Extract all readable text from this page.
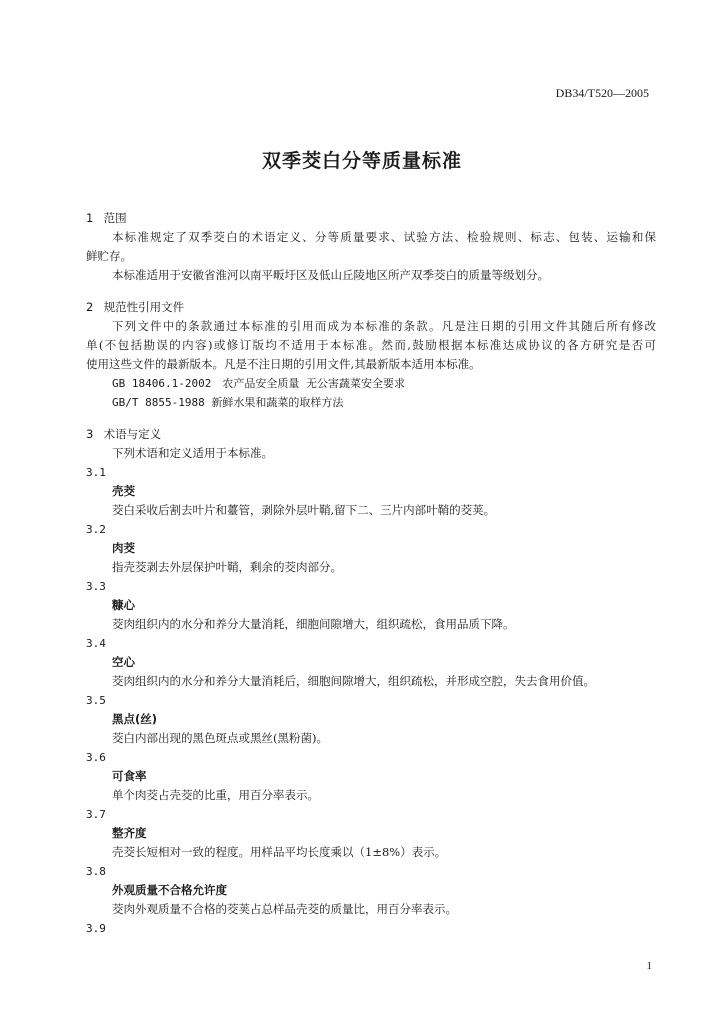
DB34/T520—2005
双季茭白分等质量标准
1 范围
本标准规定了双季茭白的术语定义、分等质量要求、试验方法、检验规则、标志、包装、运输和保
鲜贮存。
本标准适用于安徽省淮河以南平畈圩区及低山丘陵地区所产双季茭白的质量等级划分。
2 规范性引用文件
下列文件中的条款通过本标准的引用而成为本标准的条款。凡是注日期的引用文件其随后所有修改
单(不包括勘误的内容)或修订版均不适用于本标准。然而,鼓励根据本标准达成协议的各方研究是否可
使用这些文件的最新版本。凡是不注日期的引用文件,其最新版本适用本标准。
GB 18406.1-2002　农产品安全质量 无公害蔬菜安全要求
GB/T 8855-1988 新鲜水果和蔬菜的取样方法
3 术语与定义
下列术语和定义适用于本标准。
3.1
壳茭
茭白采收后割去叶片和薹管，剥除外层叶鞘,留下二、三片内部叶鞘的茭荚。
3.2
肉茭
指壳茭剥去外层保护叶鞘，剩余的茭肉部分。
3.3
糠心
茭肉组织内的水分和养分大量消耗，细胞间隙增大，组织疏松，食用品质下降。
3.4
空心
茭肉组织内的水分和养分大量消耗后，细胞间隙增大，组织疏松，并形成空腔，失去食用价值。
3.5
黑点(丝)
茭白内部出现的黑色斑点或黑丝(黑粉菌)。
3.6
可食率
单个肉茭占壳茭的比重，用百分率表示。
3.7
整齐度
壳茭长短相对一致的程度。用样品平均长度乘以（1±8%）表示。
3.8
外观质量不合格允许度
茭肉外观质量不合格的茭荚占总样品壳茭的质量比，用百分率表示。
3.9
1
